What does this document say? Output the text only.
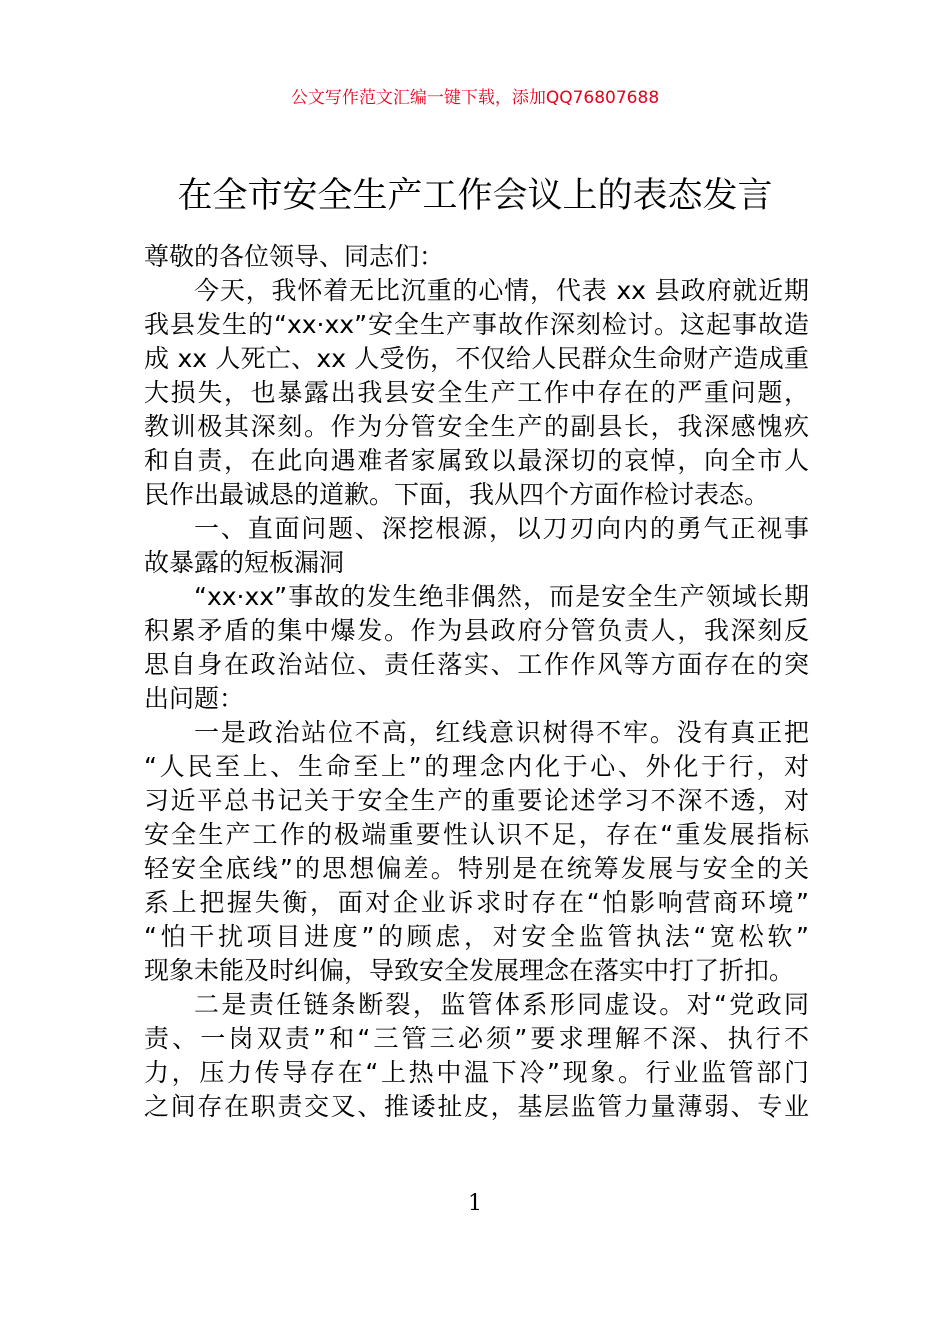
公文写作范文汇编一键下载，添加QQ76807688
在全市安全生产工作会议上的表态发言
尊敬的各位领导、同志们：
今天，我怀着无比沉重的心情，代表 xx 县政府就近期
我县发生的“xx·xx”安全生产事故作深刻检讨。这起事故造
成 xx 人死亡、xx 人受伤，不仅给人民群众生命财产造成重
大损失，也暴露出我县安全生产工作中存在的严重问题，
教训极其深刻。作为分管安全生产的副县长，我深感愧疚
和自责，在此向遇难者家属致以最深切的哀悼，向全市人
民作出最诚恳的道歉。下面，我从四个方面作检讨表态。
一、直面问题、深挖根源，以刀刃向内的勇气正视事
故暴露的短板漏洞
“xx·xx”事故的发生绝非偶然，而是安全生产领域长期
积累矛盾的集中爆发。作为县政府分管负责人，我深刻反
思自身在政治站位、责任落实、工作作风等方面存在的突
出问题：
一是政治站位不高，红线意识树得不牢。没有真正把
“人民至上、生命至上”的理念内化于心、外化于行，对
习近平总书记关于安全生产的重要论述学习不深不透，对
安全生产工作的极端重要性认识不足，存在“重发展指标
轻安全底线”的思想偏差。特别是在统筹发展与安全的关
系上把握失衡，面对企业诉求时存在“怕影响营商环境”
“怕干扰项目进度”的顾虑，对安全监管执法“宽松软”
现象未能及时纠偏，导致安全发展理念在落实中打了折扣。
二是责任链条断裂，监管体系形同虚设。对“党政同
责、一岗双责”和“三管三必须”要求理解不深、执行不
力，压力传导存在“上热中温下冷”现象。行业监管部门
之间存在职责交叉、推诿扯皮，基层监管力量薄弱、专业
1
